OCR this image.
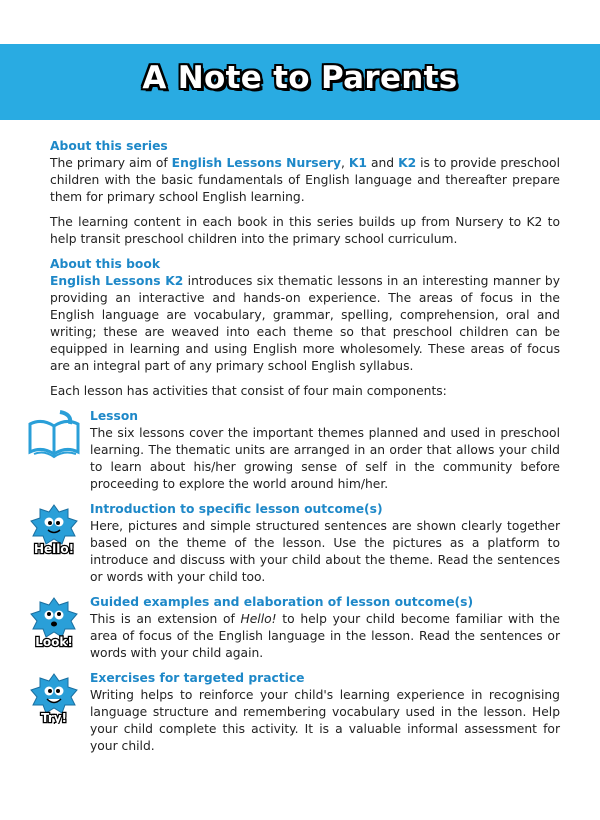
A Note to Parents
About this series

The primary aim of English Lessons Nursery, K1 and K2 is to provide preschool children with the basic fundamentals of English language and thereafter prepare them for primary school English learning.

The learning content in each book in this series builds up from Nursery to K2 to help transit preschool children into the primary school curriculum.

About this book

English Lessons K2 introduces six thematic lessons in an interesting manner by providing an interactive and hands-on experience. The areas of focus in the English language are vocabulary, grammar, spelling, comprehension, oral and writing; these are weaved into each theme so that preschool children can be equipped in learning and using English more wholesomely. These areas of focus are an integral part of any primary school English syllabus.

Each lesson has activities that consist of four main components:

Lesson

The six lessons cover the important themes planned and used in preschool learning. The thematic units are arranged in an order that allows your child to learn about his/her growing sense of self in the community before proceeding to explore the world around him/her.

Hello!
Introduction to specific lesson outcome(s)

Here, pictures and simple structured sentences are shown clearly together based on the theme of the lesson. Use the pictures as a platform to introduce and discuss with your child about the theme. Read the sentences or words with your child too.

Look!
Guided examples and elaboration of lesson outcome(s)

This is an extension of Hello! to help your child become familiar with the area of focus of the English language in the lesson. Read the sentences or words with your child again.

Try!
Exercises for targeted practice

Writing helps to reinforce your child's learning experience in recognising language structure and remembering vocabulary used in the lesson. Help your child complete this activity. It is a valuable informal assessment for your child.
